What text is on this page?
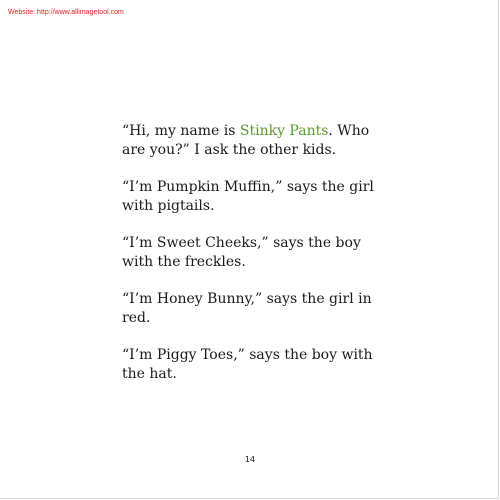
Website: http://www.allimagetool.com

“Hi, my name is Stinky Pants. Who are you?” I ask the other kids.

“I’m Pumpkin Muffin,” says the girl with pigtails.

“I’m Sweet Cheeks,” says the boy with the freckles.

“I’m Honey Bunny,” says the girl in red.

“I’m Piggy Toes,” says the boy with the hat.

14
